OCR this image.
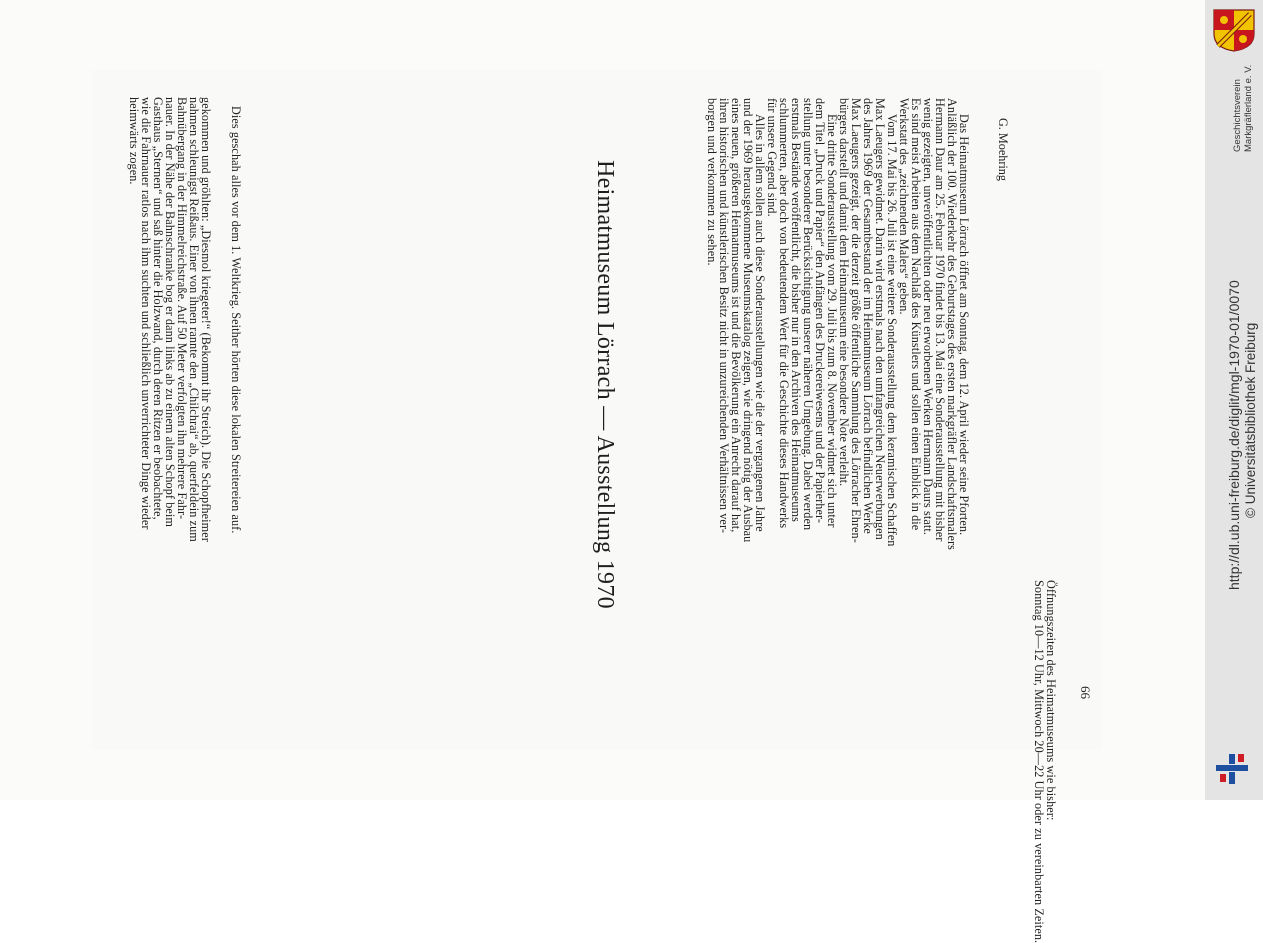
gekommen und gröhlten: „Diesmol kriegeter!“ (Bekommt ihr Streich). Die Schopfheimer
nahmen schleunigst Reißaus. Einer von ihnen rannte den „Chilchrai“ ab, querfeldein zum
Bahnübergang in der Himmelreichstraße. Auf 50 Meter verfolgten ihn mehrere Fahr-
nauer. In der Nähe der Bahnschranke bog er dann links ab zu einem alten Schopf beim
Gasthaus „Sternen“ und saß hinter die Holzwand, durch deren Ritzen er beobachtete,
wie die Fahrnauer ratlos nach ihm suchten und schließlich unverrichteter Dinge wieder
heimwärts zogen.	Dies geschah alles vor dem 1. Weltkrieg. Seither hörten diese lokalen Streitereien auf.	Heimatmuseum Lörrach — Ausstellung 1970	Das Heimatmuseum Lörrach öffnet am Sonntag, dem 12. April wieder seine Pforten.
Anläßlich der 100. Wiederkehr des Geburtstages des ersten markgräfler Landschaftsmalers
Hermann Daur am 25. Februar 1970 findet bis 13. Mai eine Sonderausstellung mit bisher
wenig gezeigten, unveröffentlichten oder neu erworbenen Werken Hermann Daurs statt.
Es sind meist Arbeiten aus dem Nachlaß des Künstlers und sollen einen Einblick in die
Werkstatt des „zeichnenden Malers“ geben.
Vom 17. Mai bis 26. Juli ist eine weitere Sonderausstellung dem keramischen Schaffen
Max Laeugers gewidmet. Darin wird erstmals nach den umfangreichen Neuerwerbungen
des Jahres 1969 der Gesamtbestand der im Heimatmuseum Lörrach befindlichen Werke
Max Laeugers gezeigt, der die derzeit größte öffentliche Sammlung des Lörracher Ehren-
bürgers darstellt und damit dem Heimatmuseum eine besondere Note verleiht.
Eine dritte Sonderausstellung vom 29. Juli bis zum 8. November widmet sich unter
dem Titel „Druck und Papier“ den Anfängen des Druckereiwesens und der Papierher-
stellung unter besonderer Berücksichtigung unserer näheren Umgebung. Dabei werden
erstmals Bestände veröffentlicht, die bisher nur in den Archiven des Heimatmuseums
schlummerten, aber doch von bedeutendem Wert für die Geschichte dieses Handwerks
für unsere Gegend sind.
Alles in allem sollen auch diese Sonderausstellungen wie die der vergangenen Jahre
und der 1969 herausgekommene Museumskatalog zeigen, wie dringend nötig der Ausbau
eines neuen, größeren Heimatmuseums ist und die Bevölkerung ein Anrecht darauf hat,
ihren historischen und künstlerischen Besitz nicht in unzureichenden Verhältnissen ver-
borgen und verkommen zu sehen.	G. Moehring
Öffnungszeiten des Heimatmuseums wie bisher:
Sonntag 10—12 Uhr, Mittwoch 20—22 Uhr oder zu vereinbarten Zeiten. 66
Geschichtsverein Markgräflerland e. V.
http://dl.ub.uni-freiburg.de/diglit/mgl-1970-01/0070 © Universitätsbibliothek Freiburg
